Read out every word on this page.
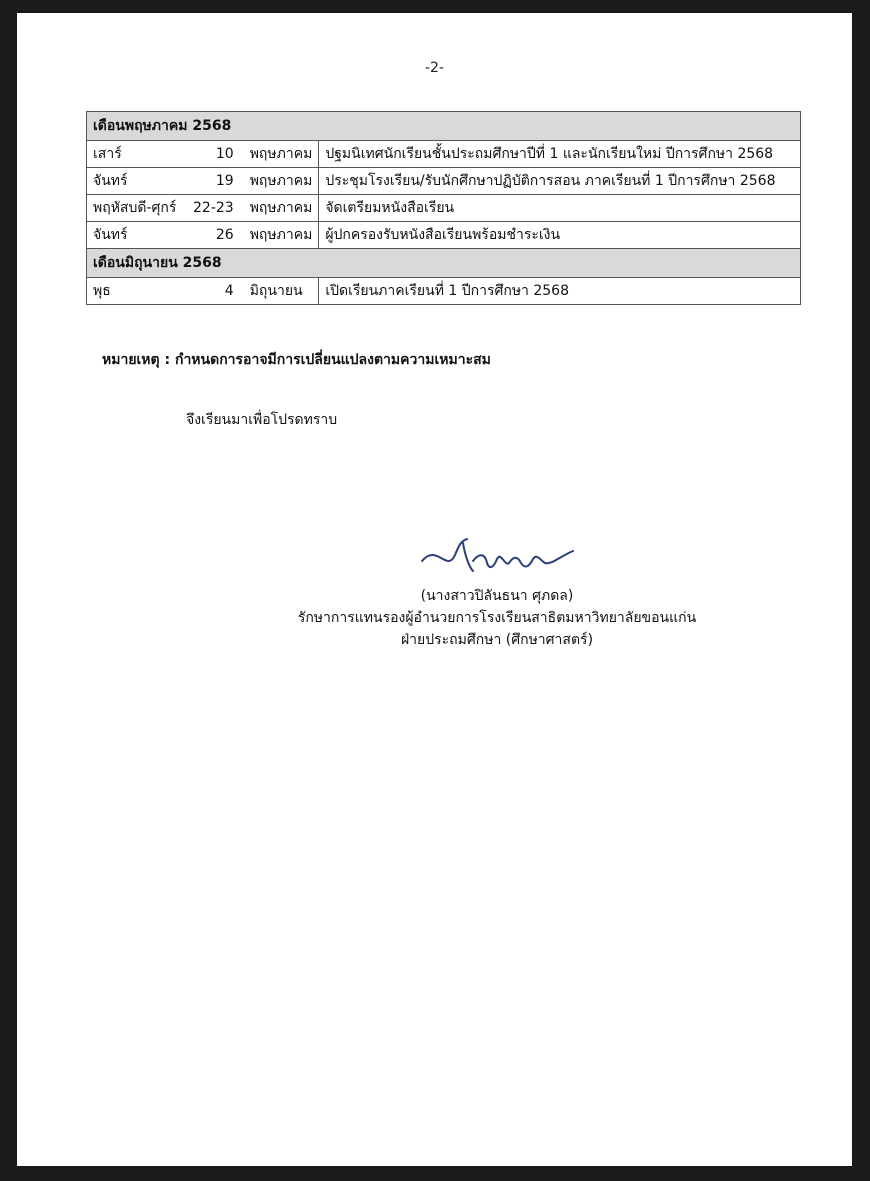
-2-
เดือนพฤษภาคม 2568			
เสาร์	10	พฤษภาคม	ปฐมนิเทศนักเรียนชั้นประถมศึกษาปีที่ 1 และนักเรียนใหม่ ปีการศึกษา 2568
จันทร์	19	พฤษภาคม	ประชุมโรงเรียน/รับนักศึกษาปฏิบัติการสอน ภาคเรียนที่ 1 ปีการศึกษา 2568
พฤหัสบดี-ศุกร์	22-23	พฤษภาคม	จัดเตรียมหนังสือเรียน
จันทร์	26	พฤษภาคม	ผู้ปกครองรับหนังสือเรียนพร้อมชำระเงิน
เดือนมิถุนายน 2568			
พุธ	4	มิถุนายน	เปิดเรียนภาคเรียนที่ 1 ปีการศึกษา 2568
หมายเหตุ : กำหนดการอาจมีการเปลี่ยนแปลงตามความเหมาะสม
จึงเรียนมาเพื่อโปรดทราบ
(นางสาวปิลันธนา ศุภดล)
รักษาการแทนรองผู้อำนวยการโรงเรียนสาธิตมหาวิทยาลัยขอนแก่น
ฝ่ายประถมศึกษา (ศึกษาศาสตร์)
